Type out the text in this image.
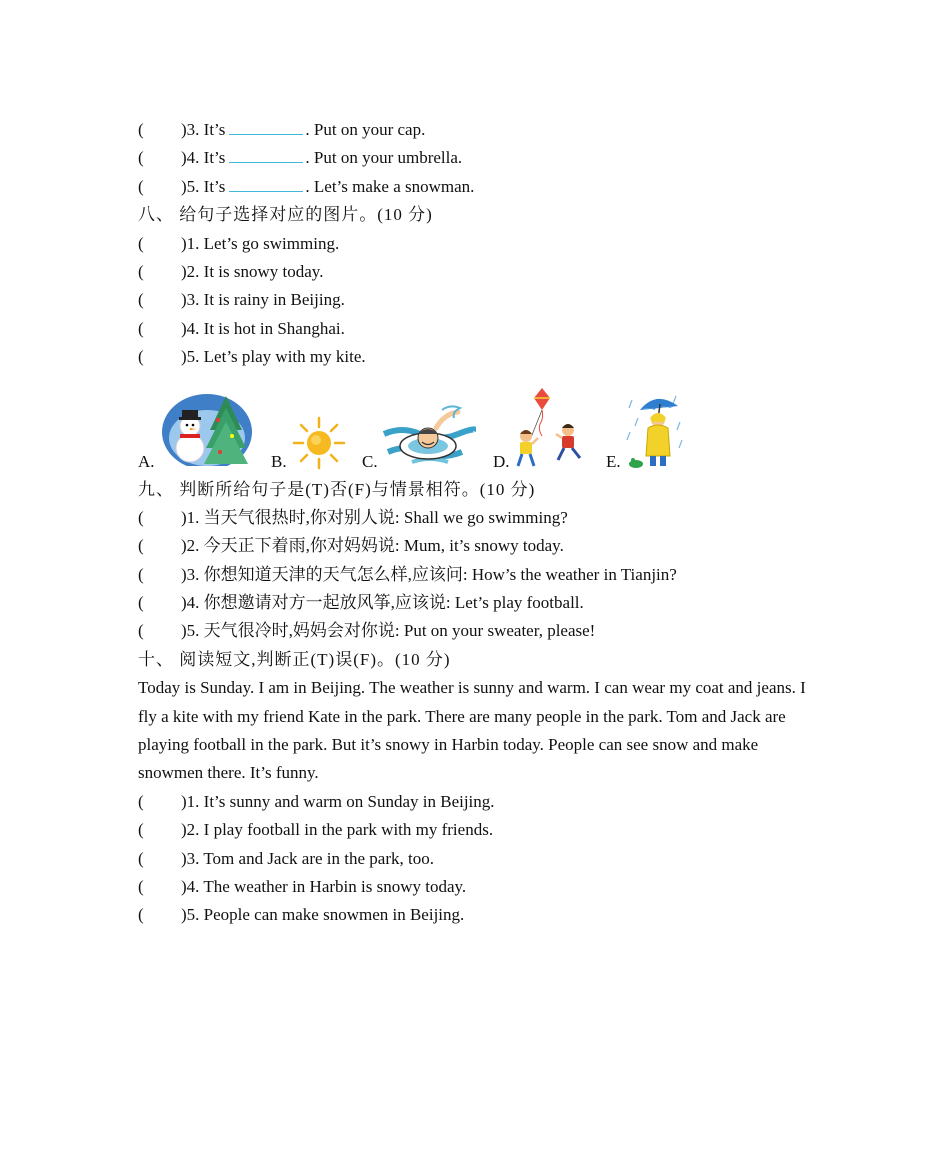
( )3. It’s	. Put on your cap.
( )4. It’s	. Put on your umbrella.
( )5. It’s	. Let’s make a snowman.
八、 给句子选择对应的图片。(10 分)
( )1. Let’s go swimming.
( )2. It is snowy today.
( )3. It is rainy in Beijing.
( )4. It is hot in Shanghai.
( )5. Let’s play with my kite.
A.	B.	C.	D.	E.
九、 判断所给句子是(T)否(F)与情景相符。(10 分)
( )1. 当天气很热时,你对别人说: Shall we go swimming?
( )2. 今天正下着雨,你对妈妈说: Mum, it’s snowy today.
( )3. 你想知道天津的天气怎么样,应该问: How’s the weather in Tianjin?
( )4. 你想邀请对方一起放风筝,应该说: Let’s play football.
( )5. 天气很冷时,妈妈会对你说: Put on your sweater, please!
十、 阅读短文,判断正(T)误(F)。(10 分)
Today is Sunday. I am in Beijing. The weather is sunny and warm. I can wear my coat and jeans. I fly a kite with my friend Kate in the park. There are many people in the park. Tom and Jack are playing football in the park. But it’s snowy in Harbin today. People can see snow and make snowmen there. It’s funny.
( )1. It’s sunny and warm on Sunday in Beijing.
( )2. I play football in the park with my friends.
( )3. Tom and Jack are in the park, too.
( )4. The weather in Harbin is snowy today.
( )5. People can make snowmen in Beijing.
